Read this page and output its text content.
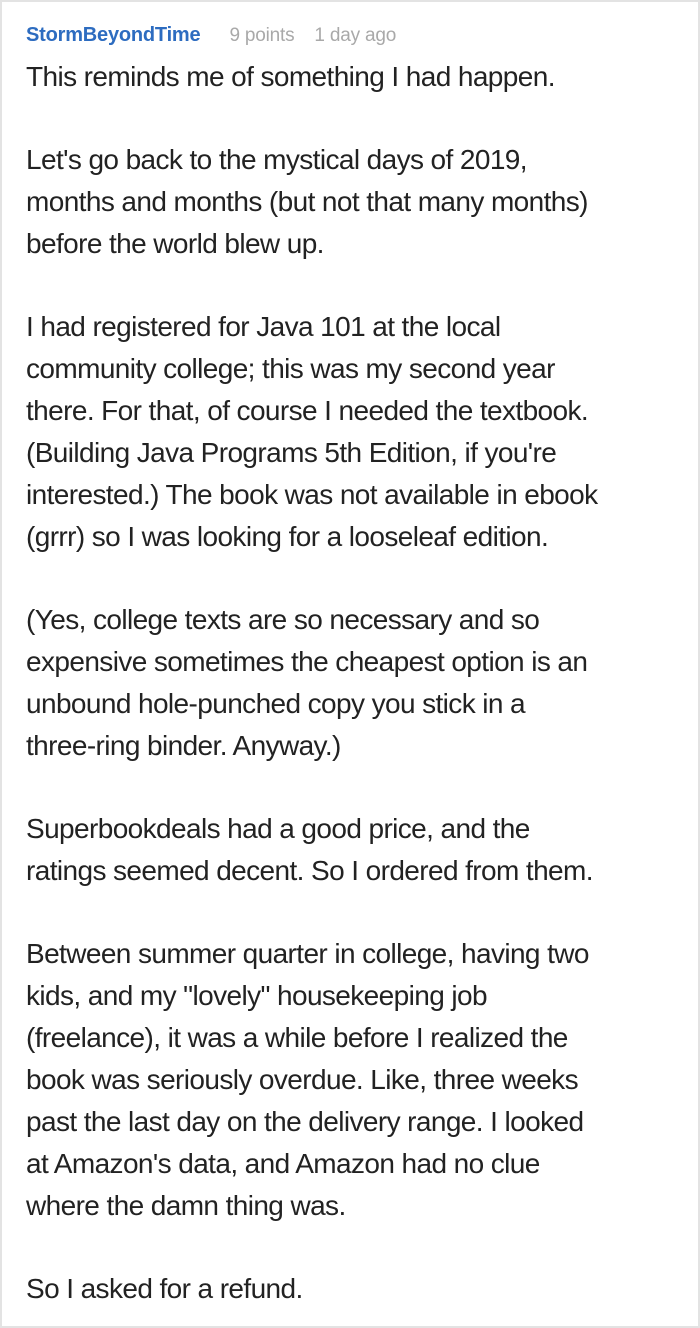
StormBeyondTime 9 points 1 day ago

This reminds me of something I had happen.

Let's go back to the mystical days of 2019,
months and months (but not that many months)
before the world blew up.

I had registered for Java 101 at the local
community college; this was my second year
there. For that, of course I needed the textbook.
(Building Java Programs 5th Edition, if you're
interested.) The book was not available in ebook
(grrr) so I was looking for a looseleaf edition.

(Yes, college texts are so necessary and so
expensive sometimes the cheapest option is an
unbound hole-punched copy you stick in a
three-ring binder. Anyway.)

Superbookdeals had a good price, and the
ratings seemed decent. So I ordered from them.

Between summer quarter in college, having two
kids, and my "lovely" housekeeping job
(freelance), it was a while before I realized the
book was seriously overdue. Like, three weeks
past the last day on the delivery range. I looked
at Amazon's data, and Amazon had no clue
where the damn thing was.

So I asked for a refund.
